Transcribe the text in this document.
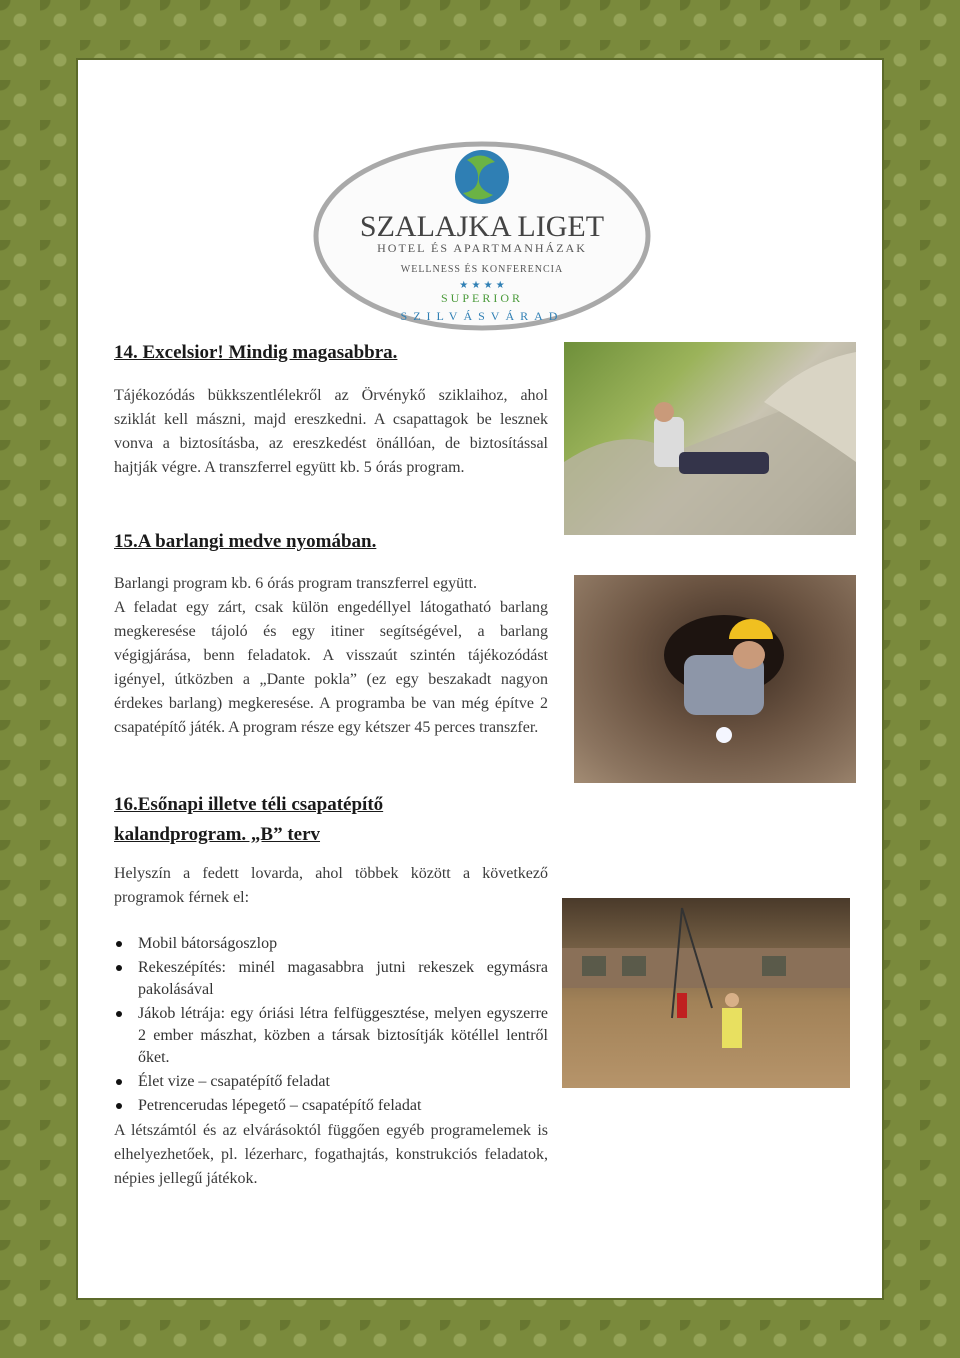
SZALAJKA LIGET
HOTEL ÉS APARTMANHÁZAK
WELLNESS ÉS KONFERENCIA
★ ★ ★ ★
SUPERIOR
SZILVÁSVÁRAD
14. Excelsior! Mindig magasabbra.
Tájékozódás bükkszentlélekről az Örvénykő sziklaihoz, ahol sziklát kell mászni, majd ereszkedni. A csapattagok be lesznek vonva a biztosításba, az ereszkedést önállóan, de biztosítással hajtják végre. A transzferrel együtt kb. 5 órás program.
15.A barlangi medve nyomában.
Barlangi program kb. 6 órás program transzferrel együtt.
A feladat egy zárt, csak külön engedéllyel látogatható barlang megkeresése tájoló és egy itiner segítségével, a barlang végigjárása, benn feladatok. A visszaút szintén tájékozódást igényel, útközben a „Dante pokla” (ez egy beszakadt nagyon érdekes barlang) megkeresése. A programba be van még építve 2 csapatépítő játék. A program része egy kétszer 45 perces transzfer.
16.Esőnapi illetve téli csapatépítő
kalandprogram. „B” terv
Helyszín a fedett lovarda, ahol többek között a következő programok férnek el:
Mobil bátorságoszlop
Rekeszépítés: minél magasabbra jutni rekeszek egymásra pakolásával
Jákob létrája: egy óriási létra felfüggesztése, melyen egyszerre 2 ember mászhat, közben a társak biztosítják kötéllel lentről őket.
Élet vize – csapatépítő feladat
Petrencerudas lépegető – csapatépítő feladat
A létszámtól és az elvárásoktól függően egyéb programelemek is elhelyezhetőek, pl. lézerharc, fogathajtás, konstrukciós feladatok, népies jellegű játékok.
